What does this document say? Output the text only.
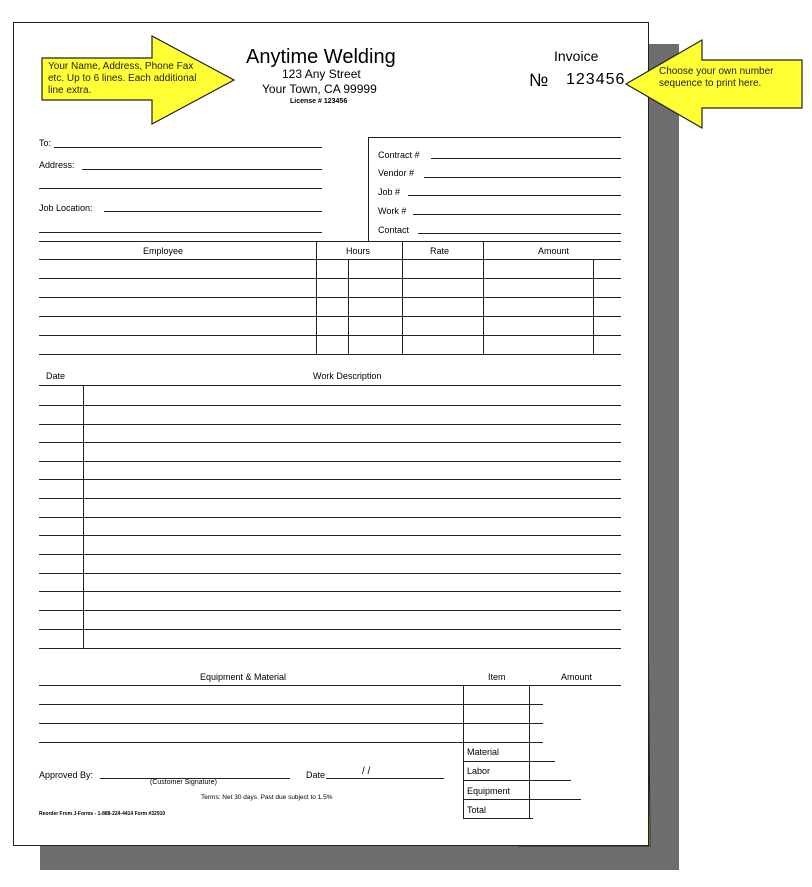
Your Name, Address, Phone Fax etc. Up to 6 lines. Each additional line extra.
Choose your own number sequence to print here.
Anytime Welding
123 Any Street
Your Town, CA 99999
License # 123456
Invoice
№ 123456
To:
Address:
Job Location:
Contract #
Vendor #
Job #
Work #
Contact
Employee	Hours	Rate	Amount
Date	Work Description
Equipment & Material	Item	Amount
Material
Labor
Equipment
Total
Approved By:
(Customer Signature)
Date	/ /
Terms: Net 30 days. Past due subject to 1.5%
Reorder From J-Forms - 1-888-224-4414 Form #32910
